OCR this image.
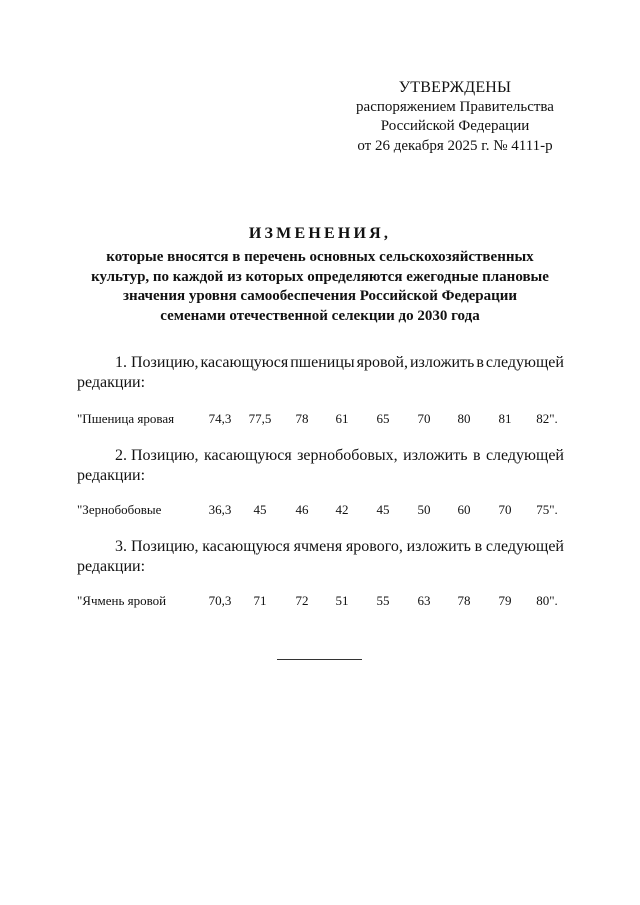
УТВЕРЖДЕНЫ
распоряжением Правительства
Российской Федерации
от 26 декабря 2025 г. № 4111-р
ИЗМЕНЕНИЯ,
которые вносятся в перечень основных сельскохозяйственных
культур, по каждой из которых определяются ежегодные плановые
значения уровня самообеспечения Российской Федерации
семенами отечественной селекции до 2030 года
1. Позицию, касающуюся пшеницы яровой, изложить в следующей
редакции:
"Пшеница яровая	74,3 77,5 78 61 65 70 80 81 82".
2. Позицию, касающуюся зернобобовых, изложить в следующей
редакции:
"Зернобобовые	36,3 45 46 42 45 50 60 70 75".
3. Позицию, касающуюся ячменя ярового, изложить в следующей
редакции:
"Ячмень яровой	70,3 71 72 51 55 63 78 79 80".
